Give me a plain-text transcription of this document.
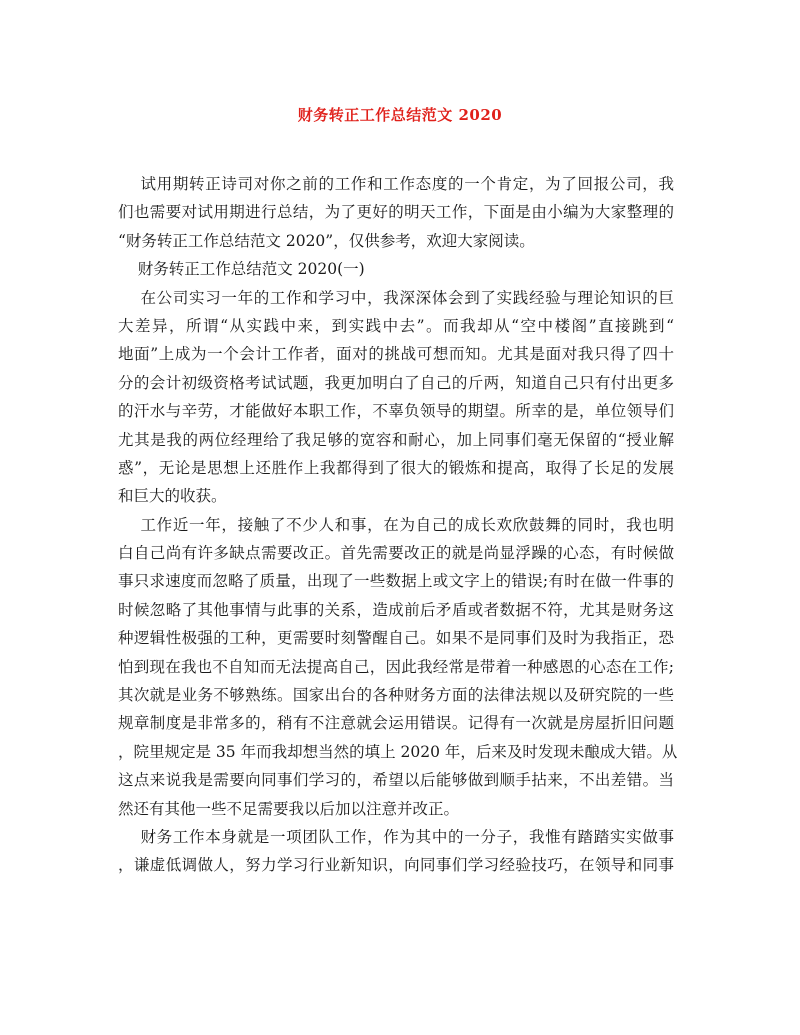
财务转正工作总结范文 2020
试用期转正诗司对你之前的工作和工作态度的一个肯定，为了回报公司，我
们也需要对试用期进行总结，为了更好的明天工作，下面是由小编为大家整理的
“财务转正工作总结范文 2020”，仅供参考，欢迎大家阅读。
财务转正工作总结范文 2020(一)
在公司实习一年的工作和学习中，我深深体会到了实践经验与理论知识的巨
大差异，所谓“从实践中来，到实践中去”。而我却从“空中楼阁”直接跳到“
地面”上成为一个会计工作者，面对的挑战可想而知。尤其是面对我只得了四十
分的会计初级资格考试试题，我更加明白了自己的斤两，知道自己只有付出更多
的汗水与辛劳，才能做好本职工作，不辜负领导的期望。所幸的是，单位领导们
尤其是我的两位经理给了我足够的宽容和耐心，加上同事们毫无保留的“授业解
惑”，无论是思想上还胜作上我都得到了很大的锻炼和提高，取得了长足的发展
和巨大的收获。
工作近一年，接触了不少人和事，在为自己的成长欢欣鼓舞的同时，我也明
白自己尚有许多缺点需要改正。首先需要改正的就是尚显浮躁的心态，有时候做
事只求速度而忽略了质量，出现了一些数据上或文字上的错误;有时在做一件事的
时候忽略了其他事情与此事的关系，造成前后矛盾或者数据不符，尤其是财务这
种逻辑性极强的工种，更需要时刻警醒自己。如果不是同事们及时为我指正，恐
怕到现在我也不自知而无法提高自己，因此我经常是带着一种感恩的心态在工作;
其次就是业务不够熟练。国家出台的各种财务方面的法律法规以及研究院的一些
规章制度是非常多的，稍有不注意就会运用错误。记得有一次就是房屋折旧问题
，院里规定是 35 年而我却想当然的填上 2020 年，后来及时发现未酿成大错。从
这点来说我是需要向同事们学习的，希望以后能够做到顺手拈来，不出差错。当
然还有其他一些不足需要我以后加以注意并改正。
财务工作本身就是一项团队工作，作为其中的一分子，我惟有踏踏实实做事
，谦虚低调做人，努力学习行业新知识，向同事们学习经验技巧，在领导和同事
